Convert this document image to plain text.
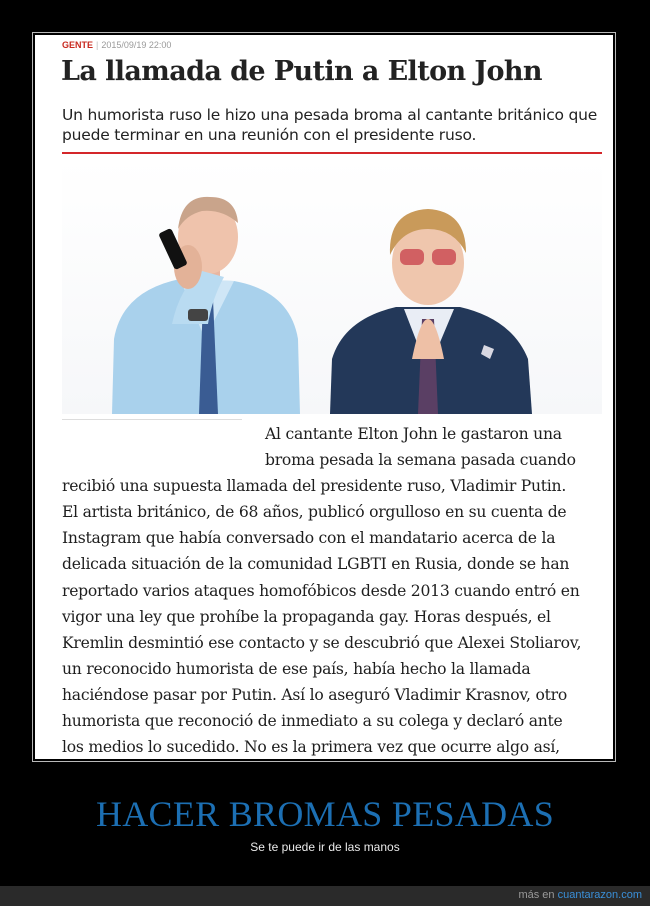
GENTE | 2015/09/19 22:00
La llamada de Putin a Elton John

Un humorista ruso le hizo una pesada broma al cantante británico que puede terminar en una reunión con el presidente ruso.

Al cantante Elton John le gastaron una
broma pesada la semana pasada cuando
recibió una supuesta llamada del presidente ruso, Vladimir Putin.
El artista británico, de 68 años, publicó orgulloso en su cuenta de
Instagram que había conversado con el mandatario acerca de la
delicada situación de la comunidad LGBTI en Rusia, donde se han
reportado varios ataques homofóbicos desde 2013 cuando entró en
vigor una ley que prohíbe la propaganda gay. Horas después, el
Kremlin desmintió ese contacto y se descubrió que Alexei Stoliarov,
un reconocido humorista de ese país, había hecho la llamada
haciéndose pasar por Putin. Así lo aseguró Vladimir Krasnov, otro
humorista que reconoció de inmediato a su colega y declaró ante
los medios lo sucedido. No es la primera vez que ocurre algo así,
HACER BROMAS PESADAS
Se te puede ir de las manos
más en cuantarazon.com
